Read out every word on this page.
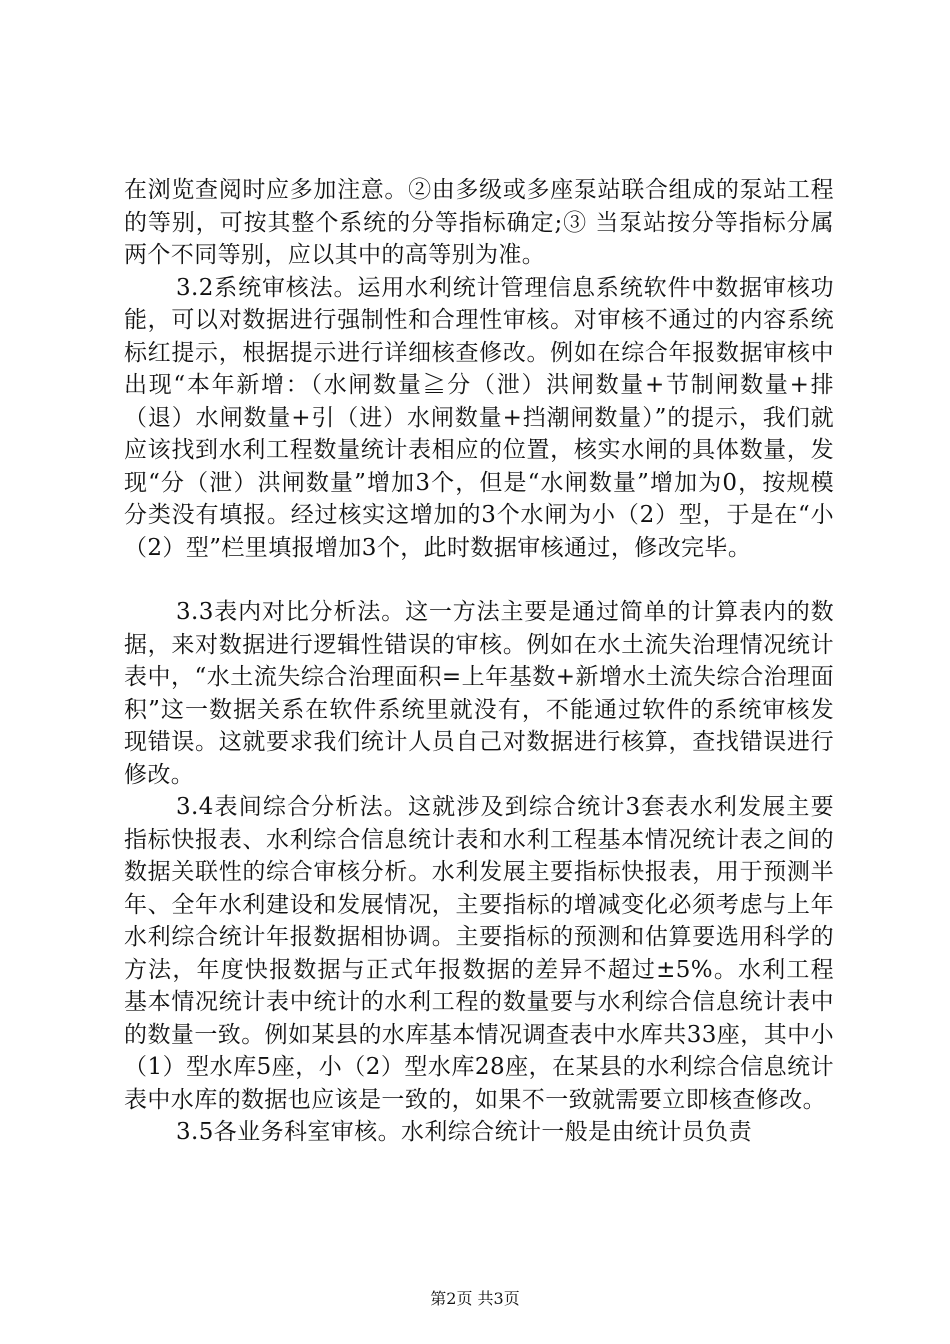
在浏览查阅时应多加注意。②由多级或多座泵站联合组成的泵站工程的等别，可按其整个系统的分等指标确定;③ 当泵站按分等指标分属两个不同等别，应以其中的高等别为准。

3.2系统审核法。运用水利统计管理信息系统软件中数据审核功能，可以对数据进行强制性和合理性审核。对审核不通过的内容系统标红提示，根据提示进行详细核查修改。例如在综合年报数据审核中出现“本年新增：（水闸数量≧分（泄）洪闸数量+节制闸数量+排（退）水闸数量+引（进）水闸数量+挡潮闸数量）”的提示，我们就应该找到水利工程数量统计表相应的位置，核实水闸的具体数量，发现“分（泄）洪闸数量”增加3个，但是“水闸数量”增加为0，按规模分类没有填报。经过核实这增加的3个水闸为小（2）型，于是在“小（2）型”栏里填报增加3个，此时数据审核通过，修改完毕。

3.3表内对比分析法。这一方法主要是通过简单的计算表内的数据，来对数据进行逻辑性错误的审核。例如在水土流失治理情况统计表中，“水土流失综合治理面积=上年基数+新增水土流失综合治理面积”这一数据关系在软件系统里就没有，不能通过软件的系统审核发现错误。这就要求我们统计人员自己对数据进行核算，查找错误进行修改。

3.4表间综合分析法。这就涉及到综合统计3套表水利发展主要指标快报表、水利综合信息统计表和水利工程基本情况统计表之间的数据关联性的综合审核分析。水利发展主要指标快报表，用于预测半年、全年水利建设和发展情况，主要指标的增减变化必须考虑与上年水利综合统计年报数据相协调。主要指标的预测和估算要选用科学的方法，年度快报数据与正式年报数据的差异不超过±5%。水利工程基本情况统计表中统计的水利工程的数量要与水利综合信息统计表中的数量一致。例如某县的水库基本情况调查表中水库共33座，其中小（1）型水库5座，小（2）型水库28座，在某县的水利综合信息统计表中水库的数据也应该是一致的，如果不一致就需要立即核查修改。

3.5各业务科室审核。水利综合统计一般是由统计员负责

第2页 共3页
